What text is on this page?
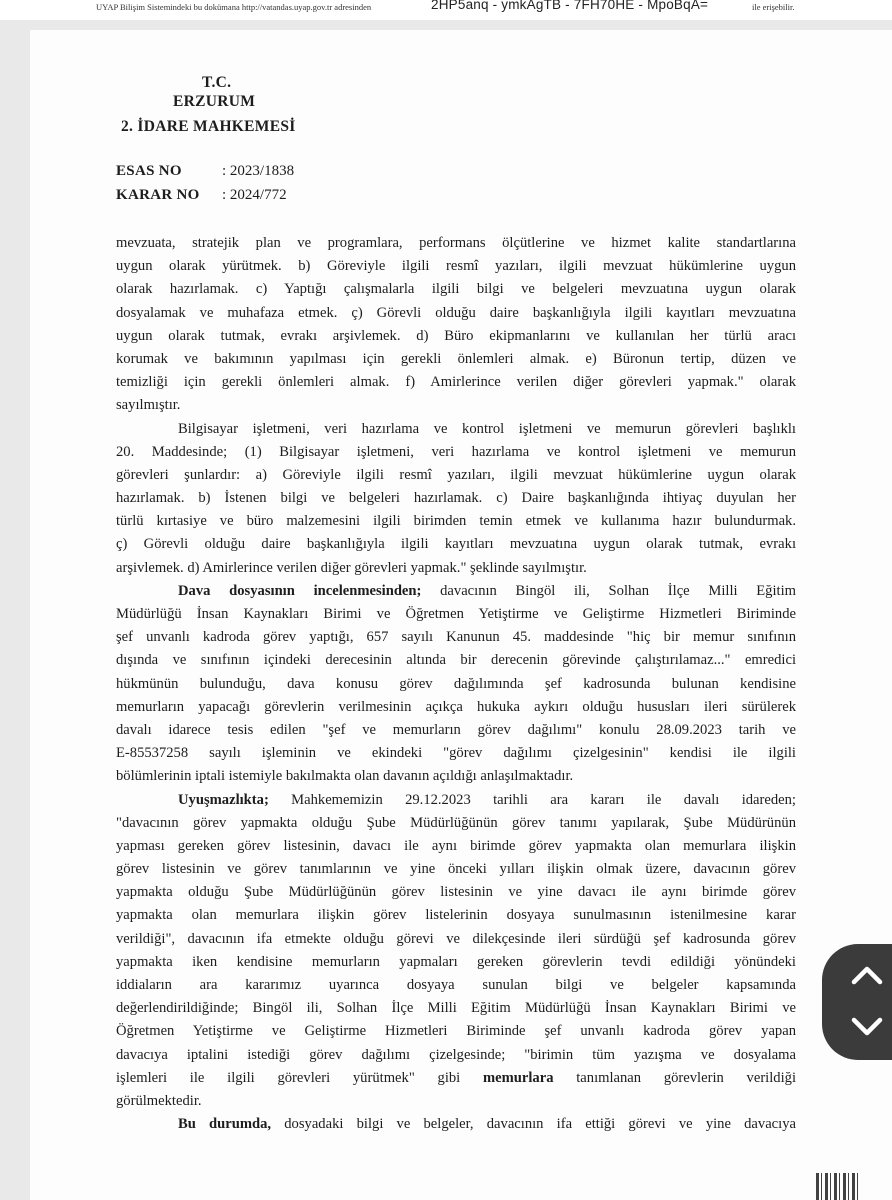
UYAP Bilişim Sistemindeki bu dokümana http://vatandas.uyap.gov.tr adresinden	2HP5anq - ymkAgTB - 7FH70HE - MpoBqA=	ile erişebilir.
T.C.
ERZURUM
2. İDARE MAHKEMESİ
ESAS NO	: 2023/1838
KARAR NO : 2024/772
mevzuata, stratejik plan ve programlara, performans ölçütlerine ve hizmet kalite standartlarına
uygun olarak yürütmek. b) Göreviyle ilgili resmî yazıları, ilgili mevzuat hükümlerine uygun
olarak hazırlamak. c) Yaptığı çalışmalarla ilgili bilgi ve belgeleri mevzuatına uygun olarak
dosyalamak ve muhafaza etmek. ç) Görevli olduğu daire başkanlığıyla ilgili kayıtları mevzuatına
uygun olarak tutmak, evrakı arşivlemek. d) Büro ekipmanlarını ve kullanılan her türlü aracı
korumak ve bakımının yapılması için gerekli önlemleri almak. e) Büronun tertip, düzen ve
temizliği için gerekli önlemleri almak. f) Amirlerince verilen diğer görevleri yapmak." olarak
sayılmıştır.
Bilgisayar işletmeni, veri hazırlama ve kontrol işletmeni ve memurun görevleri başlıklı
20. Maddesinde; (1) Bilgisayar işletmeni, veri hazırlama ve kontrol işletmeni ve memurun
görevleri şunlardır: a) Göreviyle ilgili resmî yazıları, ilgili mevzuat hükümlerine uygun olarak
hazırlamak. b) İstenen bilgi ve belgeleri hazırlamak. c) Daire başkanlığında ihtiyaç duyulan her
türlü kırtasiye ve büro malzemesini ilgili birimden temin etmek ve kullanıma hazır bulundurmak.
ç) Görevli olduğu daire başkanlığıyla ilgili kayıtları mevzuatına uygun olarak tutmak, evrakı
arşivlemek. d) Amirlerince verilen diğer görevleri yapmak." şeklinde sayılmıştır.
Dava dosyasının incelenmesinden; davacının Bingöl ili, Solhan İlçe Milli Eğitim
Müdürlüğü İnsan Kaynakları Birimi ve Öğretmen Yetiştirme ve Geliştirme Hizmetleri Biriminde
şef unvanlı kadroda görev yaptığı, 657 sayılı Kanunun 45. maddesinde "hiç bir memur sınıfının
dışında ve sınıfının içindeki derecesinin altında bir derecenin görevinde çalıştırılamaz..." emredici
hükmünün bulunduğu, dava konusu görev dağılımında şef kadrosunda bulunan kendisine
memurların yapacağı görevlerin verilmesinin açıkça hukuka aykırı olduğu hususları ileri sürülerek
davalı idarece tesis edilen "şef ve memurların görev dağılımı" konulu 28.09.2023 tarih ve
E-85537258 sayılı işleminin ve ekindeki "görev dağılımı çizelgesinin" kendisi ile ilgili
bölümlerinin iptali istemiyle bakılmakta olan davanın açıldığı anlaşılmaktadır.
Uyuşmazlıkta; Mahkememizin 29.12.2023 tarihli ara kararı ile davalı idareden;
"davacının görev yapmakta olduğu Şube Müdürlüğünün görev tanımı yapılarak, Şube Müdürünün
yapması gereken görev listesinin, davacı ile aynı birimde görev yapmakta olan memurlara ilişkin
görev listesinin ve görev tanımlarının ve yine önceki yılları ilişkin olmak üzere, davacının görev
yapmakta olduğu Şube Müdürlüğünün görev listesinin ve yine davacı ile aynı birimde görev
yapmakta olan memurlara ilişkin görev listelerinin dosyaya sunulmasının istenilmesine karar
verildiği", davacının ifa etmekte olduğu görevi ve dilekçesinde ileri sürdüğü şef kadrosunda görev
yapmakta iken kendisine memurların yapmaları gereken görevlerin tevdi edildiği yönündeki
iddiaların ara kararımız uyarınca dosyaya sunulan bilgi ve belgeler kapsamında
değerlendirildiğinde; Bingöl ili, Solhan İlçe Milli Eğitim Müdürlüğü İnsan Kaynakları Birimi ve
Öğretmen Yetiştirme ve Geliştirme Hizmetleri Biriminde şef unvanlı kadroda görev yapan
davacıya iptalini istediği görev dağılımı çizelgesinde; "birimin tüm yazışma ve dosyalama
işlemleri ile ilgili görevleri yürütmek" gibi memurlara tanımlanan görevlerin verildiği
görülmektedir.
Bu durumda, dosyadaki bilgi ve belgeler, davacının ifa ettiği görevi ve yine davacıya
